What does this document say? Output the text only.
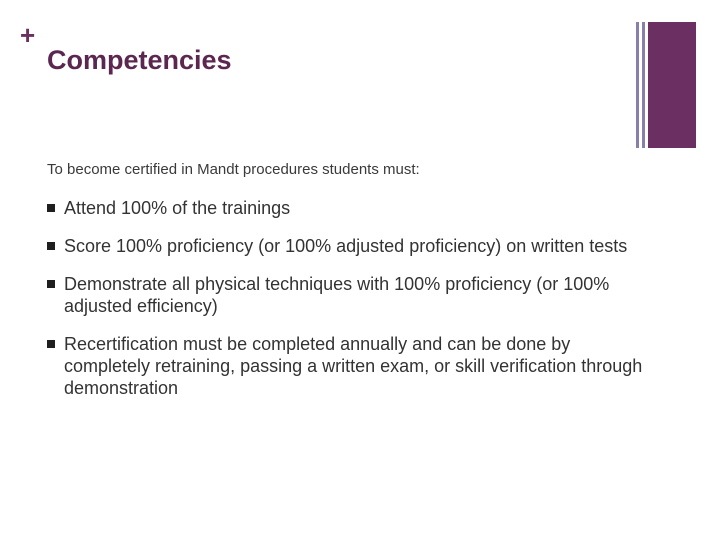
+
Competencies
To become certified in Mandt procedures students must:
Attend 100% of the trainings
Score 100% proficiency (or 100% adjusted proficiency) on written tests
Demonstrate all physical techniques with 100% proficiency (or 100% adjusted efficiency)
Recertification must be completed annually and can be done by completely retraining, passing a written exam, or skill verification through demonstration
